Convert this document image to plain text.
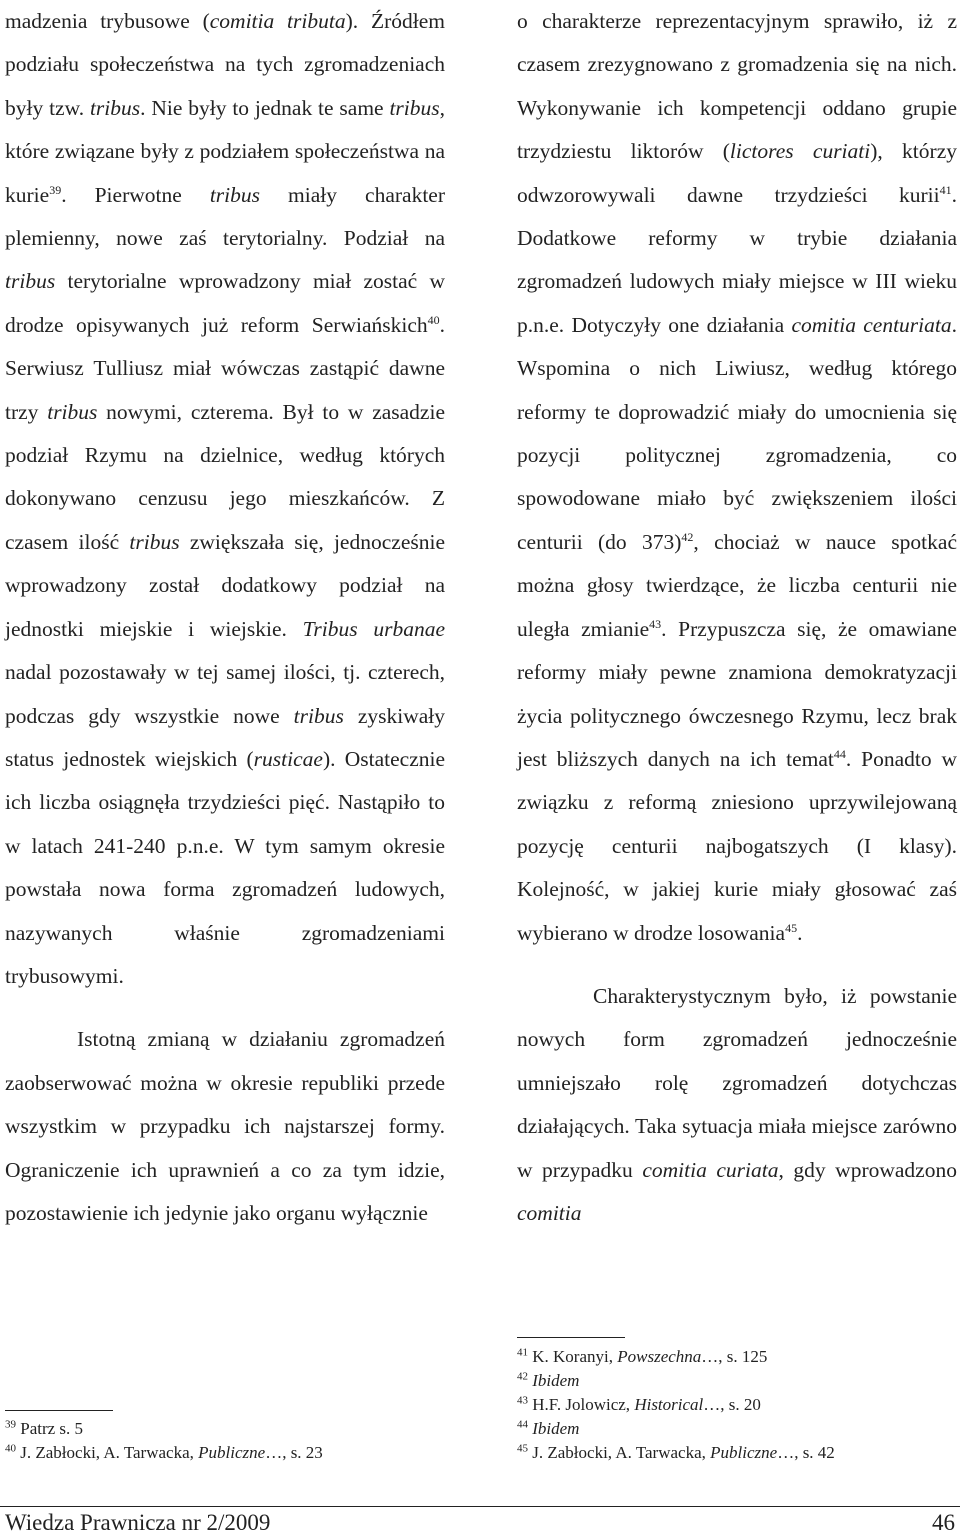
madzenia trybusowe (comitia tributa). Źródłem podziału społeczeństwa na tych zgromadzeniach były tzw. tribus. Nie były to jednak te same tribus, które związane były z podziałem społeczeństwa na kurie$^{39}$. Pierwotne tribus miały charakter plemienny, nowe zaś terytorialny. Podział na tribus terytorialne wprowadzony miał zostać w drodze opisywanych już reform Serwiańskich$^{40}$. Serwiusz Tulliusz miał wówczas zastąpić dawne trzy tribus nowymi, czterema. Był to w zasadzie podział Rzymu na dzielnice, według których dokonywano cenzusu jego mieszkańców. Z czasem ilość tribus zwiększała się, jednocześnie wprowadzony został dodatkowy podział na jednostki miejskie i wiejskie. Tribus urbanae nadal pozostawały w tej samej ilości, tj. czterech, podczas gdy wszystkie nowe tribus zyskiwały status jednostek wiejskich (rusticae). Ostatecznie ich liczba osiągnęła trzydzieści pięć. Nastąpiło to w latach 241-240 p.n.e. W tym samym okresie powstała nowa forma zgromadzeń ludowych, nazywanych właśnie zgromadzeniami trybusowymi.

Istotną zmianą w działaniu zgromadzeń zaobserwować można w okresie republiki przede wszystkim w przypadku ich najstarszej formy. Ograniczenie ich uprawnień a co za tym idzie, pozostawienie ich jedynie jako organu wyłącznie

o charakterze reprezentacyjnym sprawiło, iż z czasem zrezygnowano z gromadzenia się na nich. Wykonywanie ich kompetencji oddano grupie trzydziestu liktorów (lictores curiati), którzy odwzorowywali dawne trzydzieści kurii$^{41}$. Dodatkowe reformy w trybie działania zgromadzeń ludowych miały miejsce w III wieku p.n.e. Dotyczyły one działania comitia centuriata. Wspomina o nich Liwiusz, według którego reformy te doprowadzić miały do umocnienia się pozycji politycznej zgromadzenia, co spowodowane miało być zwiększeniem ilości centurii (do 373)$^{42}$, chociaż w nauce spotkać można głosy twierdzące, że liczba centurii nie uległa zmianie$^{43}$. Przypuszcza się, że omawiane reformy miały pewne znamiona demokratyzacji życia politycznego ówczesnego Rzymu, lecz brak jest bliższych danych na ich temat$^{44}$. Ponadto w związku z reformą zniesiono uprzywilejowaną pozycję centurii najbogatszych (I klasy). Kolejność, w jakiej kurie miały głosować zaś wybierano w drodze losowania$^{45}$.

Charakterystycznym było, iż powstanie nowych form zgromadzeń jednocześnie umniejszało rolę zgromadzeń dotychczas działających. Taka sytuacja miała miejsce zarówno w przypadku comitia curiata, gdy wprowadzono comitia

$^{39}$ Patrz s. 5
$^{40}$ J. Zabłocki, A. Tarwacka, Publiczne…, s. 23
$^{41}$ K. Koranyi, Powszechna…, s. 125
$^{42}$ Ibidem
$^{43}$ H.F. Jolowicz, Historical…, s. 20
$^{44}$ Ibidem
$^{45}$ J. Zabłocki, A. Tarwacka, Publiczne…, s. 42
Wiedza Prawnicza nr 2/2009	46
